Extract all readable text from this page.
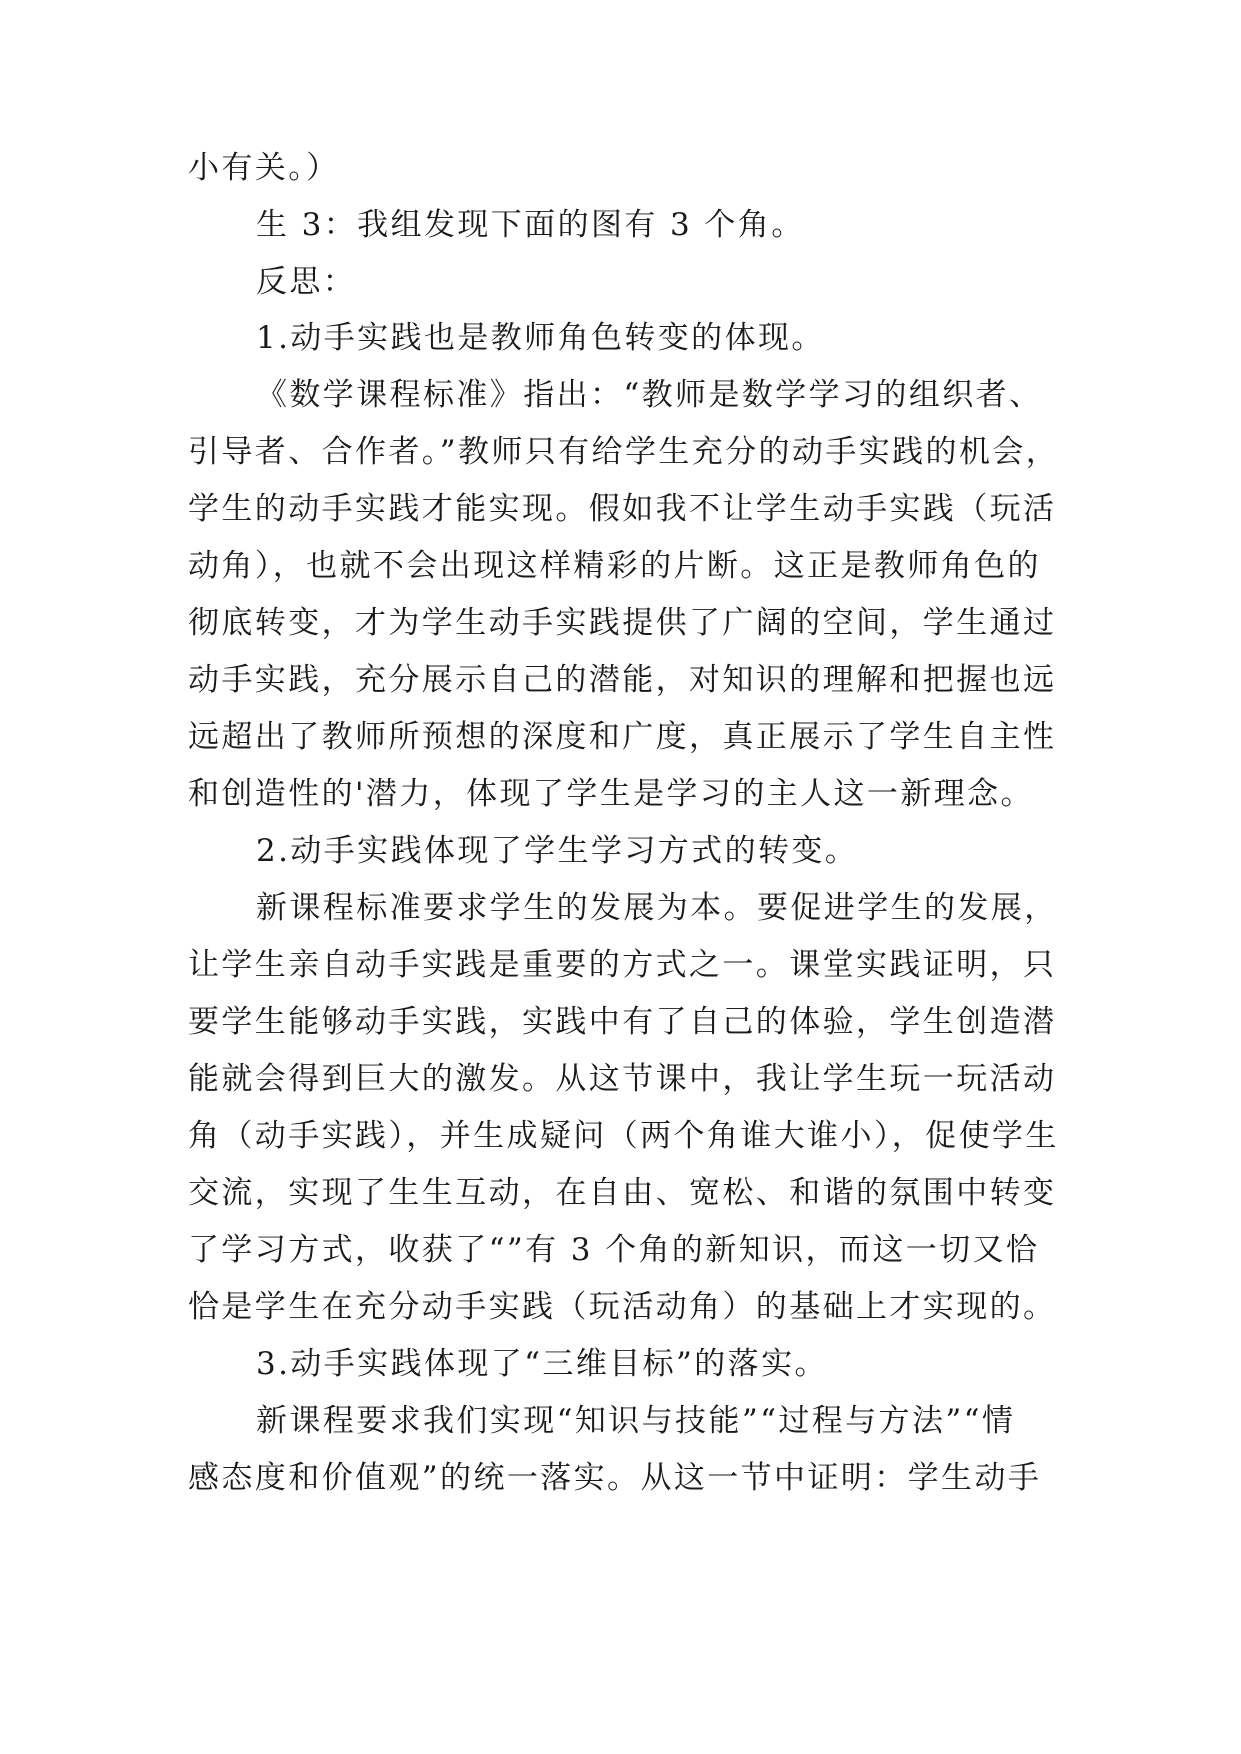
小有关。）
生 3：我组发现下面的图有 3 个角。
反思：
1.动手实践也是教师角色转变的体现。
《数学课程标准》指出：“教师是数学学习的组织者、
引导者、合作者。”教师只有给学生充分的动手实践的机会，
学生的动手实践才能实现。假如我不让学生动手实践（玩活
动角），也就不会出现这样精彩的片断。这正是教师角色的
彻底转变，才为学生动手实践提供了广阔的空间，学生通过
动手实践，充分展示自己的潜能，对知识的理解和把握也远
远超出了教师所预想的深度和广度，真正展示了学生自主性
和创造性的'潜力，体现了学生是学习的主人这一新理念。
2.动手实践体现了学生学习方式的转变。
新课程标准要求学生的发展为本。要促进学生的发展，
让学生亲自动手实践是重要的方式之一。课堂实践证明，只
要学生能够动手实践，实践中有了自己的体验，学生创造潜
能就会得到巨大的激发。从这节课中，我让学生玩一玩活动
角（动手实践），并生成疑问（两个角谁大谁小），促使学生
交流，实现了生生互动，在自由、宽松、和谐的氛围中转变
了学习方式，收获了“”有 3 个角的新知识，而这一切又恰
恰是学生在充分动手实践（玩活动角）的基础上才实现的。
3.动手实践体现了“三维目标”的落实。
新课程要求我们实现“知识与技能”“过程与方法”“情
感态度和价值观”的统一落实。从这一节中证明：学生动手
